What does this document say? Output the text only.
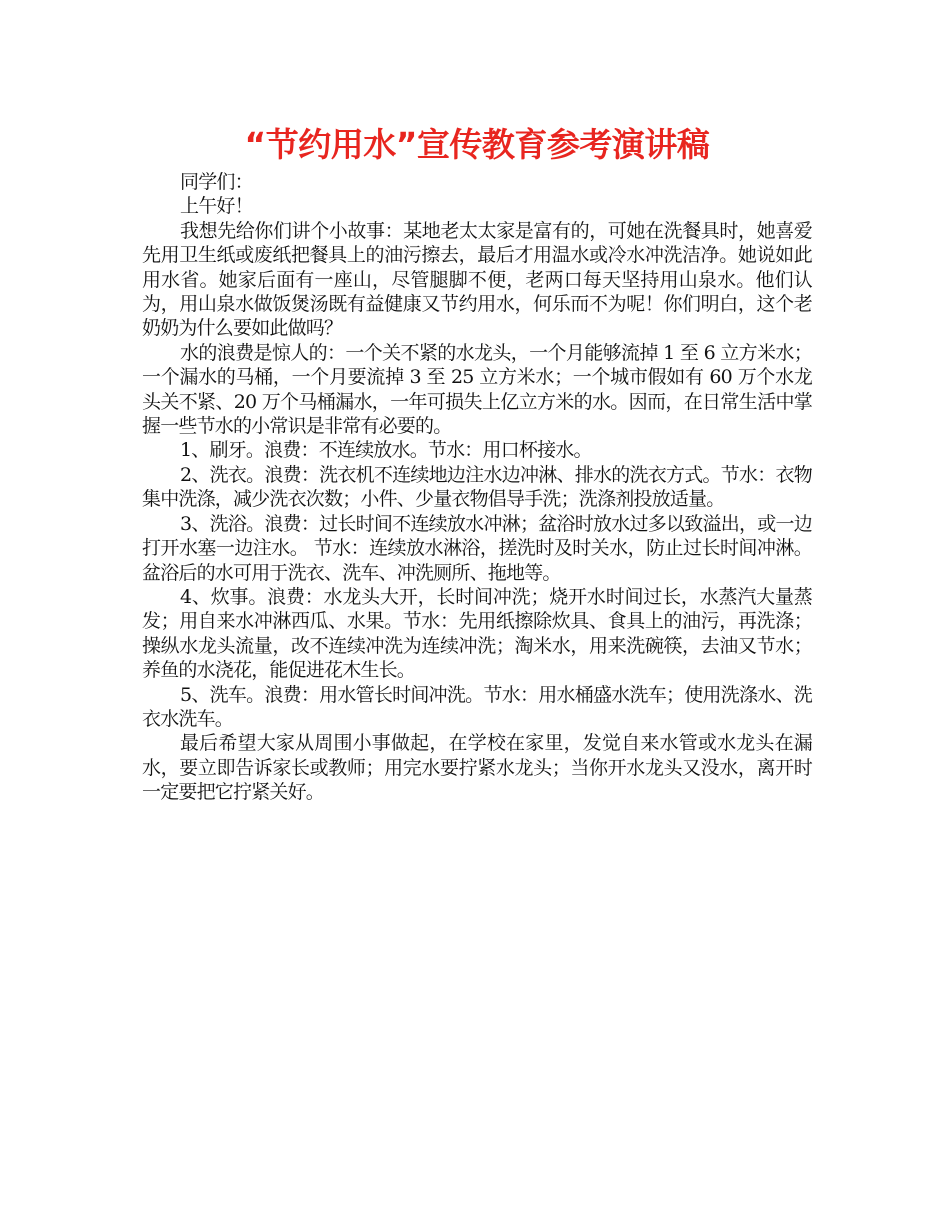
“节约用水”宣传教育参考演讲稿

同学们：

上午好！

我想先给你们讲个小故事：某地老太太家是富有的，可她在洗餐具时，她喜爱先用卫生纸或废纸把餐具上的油污擦去，最后才用温水或冷水冲洗洁净。她说如此用水省。她家后面有一座山，尽管腿脚不便，老两口每天坚持用山泉水。他们认为，用山泉水做饭煲汤既有益健康又节约用水，何乐而不为呢！你们明白，这个老奶奶为什么要如此做吗？

水的浪费是惊人的：一个关不紧的水龙头，一个月能够流掉 1 至 6 立方米水；一个漏水的马桶，一个月要流掉 3 至 25 立方米水；一个城市假如有 60 万个水龙头关不紧、20 万个马桶漏水，一年可损失上亿立方米的水。因而，在日常生活中掌握一些节水的小常识是非常有必要的。

1、刷牙。浪费：不连续放水。节水：用口杯接水。

2、洗衣。浪费：洗衣机不连续地边注水边冲淋、排水的洗衣方式。节水：衣物集中洗涤，减少洗衣次数；小件、少量衣物倡导手洗；洗涤剂投放适量。

3、洗浴。浪费：过长时间不连续放水冲淋；盆浴时放水过多以致溢出，或一边打开水塞一边注水。 节水：连续放水淋浴，搓洗时及时关水，防止过长时间冲淋。盆浴后的水可用于洗衣、洗车、冲洗厕所、拖地等。

4、炊事。浪费：水龙头大开，长时间冲洗；烧开水时间过长，水蒸汽大量蒸发；用自来水冲淋西瓜、水果。节水：先用纸擦除炊具、食具上的油污，再洗涤；操纵水龙头流量，改不连续冲洗为连续冲洗；淘米水，用来洗碗筷，去油又节水；养鱼的水浇花，能促进花木生长。

5、洗车。浪费：用水管长时间冲洗。节水：用水桶盛水洗车；使用洗涤水、洗衣水洗车。

最后希望大家从周围小事做起，在学校在家里，发觉自来水管或水龙头在漏水，要立即告诉家长或教师；用完水要拧紧水龙头；当你开水龙头又没水，离开时一定要把它拧紧关好。
